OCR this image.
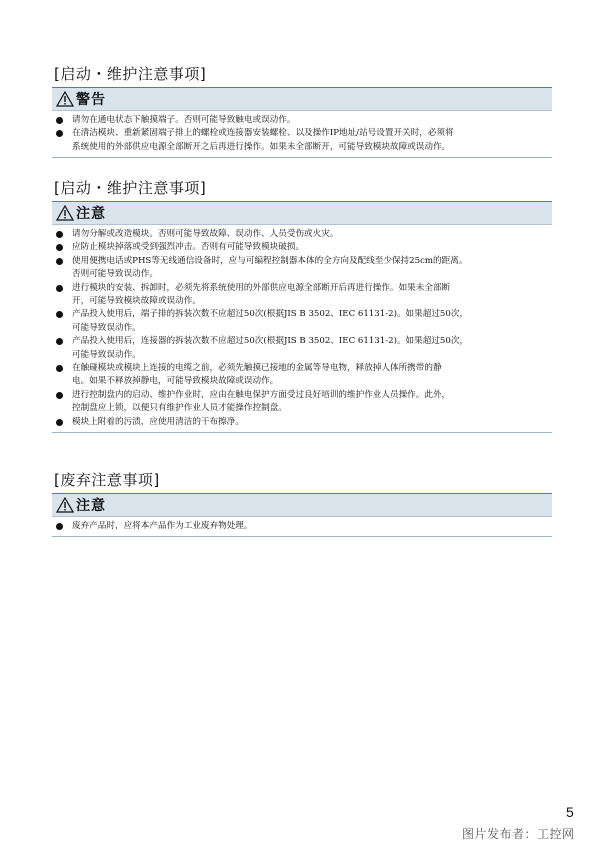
[启动・维护注意事项]
警告
请勿在通电状态下触摸端子。否则可能导致触电或误动作。
在清洁模块、重新紧固端子排上的螺栓或连接器安装螺栓、以及操作IP地址/站号设置开关时，必须将
系统使用的外部供应电源全部断开之后再进行操作。如果未全部断开，可能导致模块故障或误动作。
[启动・维护注意事项]
注意
请勿分解或改造模块。否则可能导致故障、误动作、人员受伤或火灾。
应防止模块掉落或受到强烈冲击。否则有可能导致模块破损。
使用便携电话或PHS等无线通信设备时，应与可编程控制器本体的全方向及配线至少保持25cm的距离。
否则可能导致误动作。
进行模块的安装、拆卸时，必须先将系统使用的外部供应电源全部断开后再进行操作。如果未全部断
开，可能导致模块故障或误动作。
产品投入使用后，端子排的拆装次数不应超过50次(根据JIS B 3502、IEC 61131-2)。如果超过50次，
可能导致误动作。
产品投入使用后，连接器的拆装次数不应超过50次(根据JIS B 3502、IEC 61131-2)。如果超过50次，
可能导致误动作。
在触碰模块或模块上连接的电缆之前，必须先触摸已接地的金属等导电物，释放掉人体所携带的静
电。如果不释放掉静电，可能导致模块故障或误动作。
进行控制盘内的启动、维护作业时，应由在触电保护方面受过良好培训的维护作业人员操作。此外，
控制盘应上锁，以便只有维护作业人员才能操作控制盘。
模块上附着的污渍，应使用清洁的干布擦净。
[废弃注意事项]
注意
废弃产品时，应将本产品作为工业废弃物处理。
5
图片发布者：工控网
